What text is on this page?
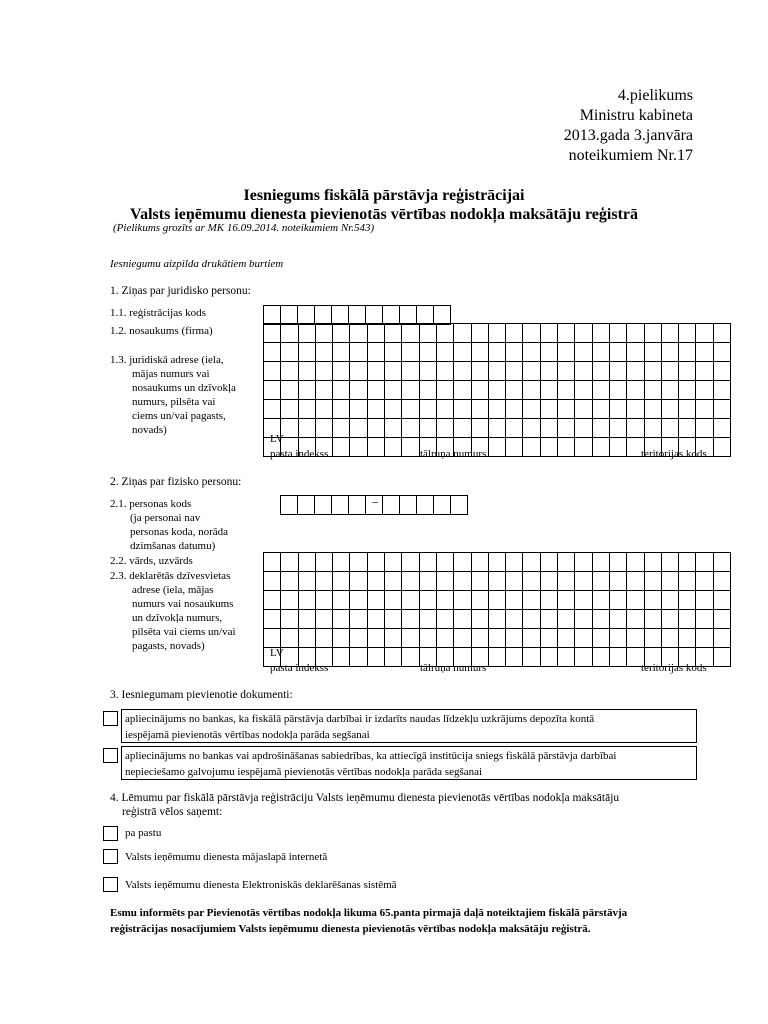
4.pielikums
Ministru kabineta
2013.gada 3.janvāra
noteikumiem Nr.17
Iesniegums fiskālā pārstāvja reģistrācijai
Valsts ieņēmumu dienesta pievienotās vērtības nodokļa maksātāju reģistrā
(Pielikums grozīts ar MK 16.09.2014. noteikumiem Nr.543)
Iesniegumu aizpilda drukātiem burtiem
1. Ziņas par juridisko personu:
1.1. reģistrācijas kods
1.2. nosaukums (firma)
1.3. juridiskā adrese (iela,
mājas numurs vai
nosaukums un dzīvokļa
numurs, pilsēta vai
ciems un/vai pagasts,
novads)
LV
pasta indekss	tālruņa numurs	teritorijas kods
2. Ziņas par fizisko personu:
2.1. personas kods
(ja personai nav
personas koda, norāda
dzimšanas datumu)
–
2.2. vārds, uzvārds
2.3. deklarētās dzīvesvietas
adrese (iela, mājas
numurs vai nosaukums
un dzīvokļa numurs,
pilsēta vai ciems un/vai
pagasts, novads)
LV
pasta indekss	tālruņa numurs	teritorijas kods
3. Iesniegumam pievienotie dokumenti:
apliecinājums no bankas, ka fiskālā pārstāvja darbībai ir izdarīts naudas līdzekļu uzkrājums depozīta kontā
iespējamā pievienotās vērtības nodokļa parāda segšanai
apliecinājums no bankas vai apdrošināšanas sabiedrības, ka attiecīgā institūcija sniegs fiskālā pārstāvja darbībai
nepieciešamo galvojumu iespējamā pievienotās vērtības nodokļa parāda segšanai
4. Lēmumu par fiskālā pārstāvja reģistrāciju Valsts ieņēmumu dienesta pievienotās vērtības nodokļa maksātāju
reģistrā vēlos saņemt:
pa pastu
Valsts ieņēmumu dienesta mājaslapā internetā
Valsts ieņēmumu dienesta Elektroniskās deklarēšanas sistēmā
Esmu informēts par Pievienotās vērtības nodokļa likuma 65.panta pirmajā daļā noteiktajiem fiskālā pārstāvja
reģistrācijas nosacījumiem Valsts ieņēmumu dienesta pievienotās vērtības nodokļa maksātāju reģistrā.
